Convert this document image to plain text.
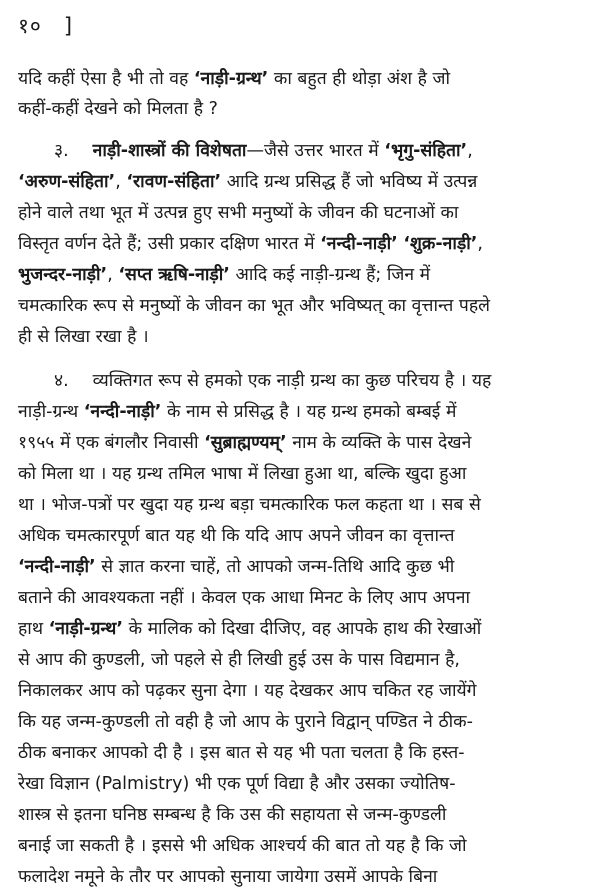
१० ]
यदि कहीं ऐसा है भी तो वह ‘नाड़ी-ग्रन्थ’ का बहुत ही थोड़ा अंश है जो
कहीं-कहीं देखने को मिलता है ?
३. नाड़ी-शास्त्रों की विशेषता —जैसे उत्तर भारत में ‘भृगु-संहिता’,
‘अरुण-संहिता’, ‘रावण-संहिता’ आदि ग्रन्थ प्रसिद्ध हैं जो भविष्य में उत्पन्न
होने वाले तथा भूत में उत्पन्न हुए सभी मनुष्यों के जीवन की घटनाओं का
विस्तृत वर्णन देते हैं; उसी प्रकार दक्षिण भारत में ‘नन्दी-नाड़ी’ ‘शुक्र-नाड़ी’,
भुजन्दर-नाड़ी’, ‘सप्त ऋषि-नाड़ी’ आदि कई नाड़ी-ग्रन्थ हैं; जिन में
चमत्कारिक रूप से मनुष्यों के जीवन का भूत और भविष्यत् का वृत्तान्त पहले
ही से लिखा रखा है ।
४. व्यक्तिगत रूप से हमको एक नाड़ी ग्रन्थ का कुछ परिचय है । यह
नाड़ी-ग्रन्थ ‘नन्दी-नाड़ी’ के नाम से प्रसिद्ध है । यह ग्रन्थ हमको बम्बई में
१९५५ में एक बंगलौर निवासी ‘सुब्राह्मण्यम्’ नाम के व्यक्ति के पास देखने
को मिला था । यह ग्रन्थ तमिल भाषा में लिखा हुआ था, बल्कि खुदा हुआ
था । भोज-पत्रों पर खुदा यह ग्रन्थ बड़ा चमत्कारिक फल कहता था । सब से
अधिक चमत्कारपूर्ण बात यह थी कि यदि आप अपने जीवन का वृत्तान्त
‘नन्दी-नाड़ी’ से ज्ञात करना चाहें, तो आपको जन्म-तिथि आदि कुछ भी
बताने की आवश्यकता नहीं । केवल एक आधा मिनट के लिए आप अपना
हाथ ‘नाड़ी-ग्रन्थ’ के मालिक को दिखा दीजिए, वह आपके हाथ की रेखाओं
से आप की कुण्डली, जो पहले से ही लिखी हुई उस के पास विद्यमान है,
निकालकर आप को पढ़कर सुना देगा । यह देखकर आप चकित रह जायेंगे
कि यह जन्म-कुण्डली तो वही है जो आप के पुराने विद्वान् पण्डित ने ठीक-
ठीक बनाकर आपको दी है । इस बात से यह भी पता चलता है कि हस्त-
रेखा विज्ञान (Palmistry) भी एक पूर्ण विद्या है और उसका ज्योतिष-
शास्त्र से इतना घनिष्ठ सम्बन्ध है कि उस की सहायता से जन्म-कुण्डली
बनाई जा सकती है । इससे भी अधिक आश्चर्य की बात तो यह है कि जो
फलादेश नमूने के तौर पर आपको सुनाया जायेगा उसमें आपके बिना
